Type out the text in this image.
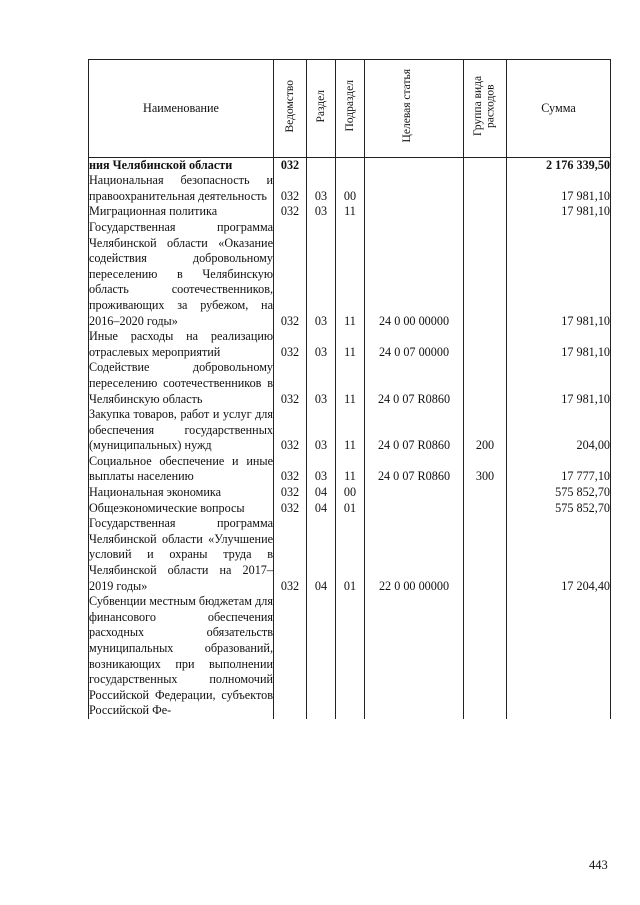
Наименование	Ведомство	Раздел	Подраздел	Целевая статья	Группа вида расходов	Сумма
ния Челябинской области	032					2 176 339,50
Национальная безопасность и правоохранительная деятельность	032	03	00			17 981,10
Миграционная политика	032	03	11			17 981,10
Государственная программа Челябинской области «Оказание содействия добровольному переселению в Челябинскую область соотечественников, проживающих за рубежом, на 2016–2020 годы»	032	03	11	24 0 00 00000		17 981,10
Иные расходы на реализацию отраслевых мероприятий	032	03	11	24 0 07 00000		17 981,10
Содействие добровольному переселению соотечественников в Челябинскую область	032	03	11	24 0 07 R0860		17 981,10
Закупка товаров, работ и услуг для обеспечения государственных (муниципальных) нужд	032	03	11	24 0 07 R0860	200	204,00
Социальное обеспечение и иные выплаты населению	032	03	11	24 0 07 R0860	300	17 777,10
Национальная экономика	032	04	00			575 852,70
Общеэкономические вопросы	032	04	01			575 852,70
Государственная программа Челябинской области «Улучшение условий и охраны труда в Челябинской области на 2017–2019 годы»	032	04	01	22 0 00 00000		17 204,40
Субвенции местным бюджетам для финансового обеспечения расходных обязательств муниципальных образований, возникающих при выполнении государственных полномочий Российской Федерации, субъектов Российской Фе-						
443
